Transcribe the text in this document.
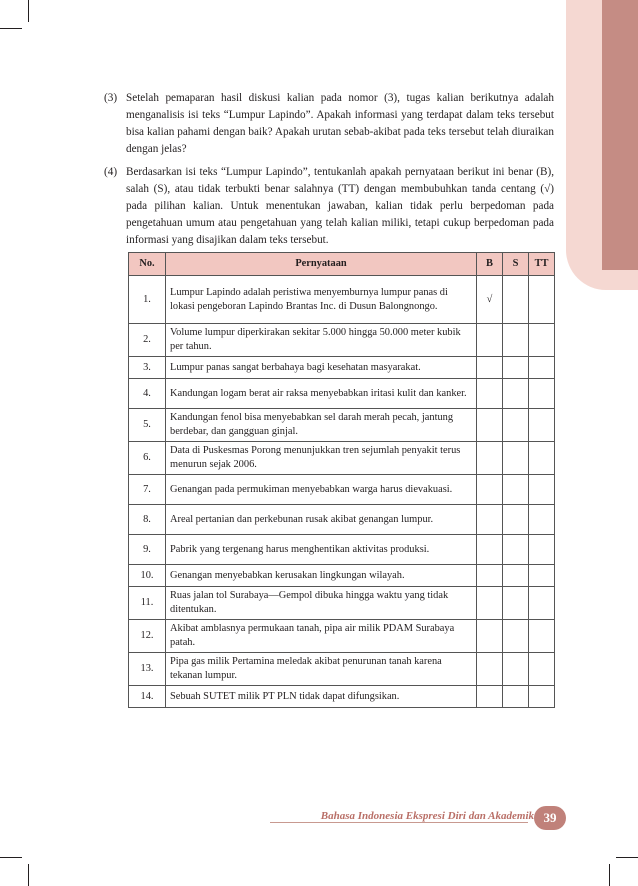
(3) Setelah pemaparan hasil diskusi kalian pada nomor (3), tugas kalian berikutnya adalah menganalisis isi teks “Lumpur Lapindo”. Apakah informasi yang terdapat dalam teks tersebut bisa kalian pahami dengan baik? Apakah urutan sebab-akibat pada teks tersebut telah diuraikan dengan jelas?
(4) Berdasarkan isi teks “Lumpur Lapindo”, tentukanlah apakah pernyataan berikut ini benar (B), salah (S), atau tidak terbukti benar salahnya (TT) dengan membubuhkan tanda centang (√) pada pilihan kalian. Untuk menentukan jawaban, kalian tidak perlu berpedoman pada pengetahuan umum atau pengetahuan yang telah kalian miliki, tetapi cukup berpedoman pada informasi yang disajikan dalam teks tersebut.
No.	Pernyataan	B	S	TT
1.	Lumpur Lapindo adalah peristiwa menyemburnya lumpur panas di lokasi pengeboran Lapindo Brantas Inc. di Dusun Balongnongo.	√		
2.	Volume lumpur diperkirakan sekitar 5.000 hingga 50.000 meter kubik per tahun.			
3.	Lumpur panas sangat berbahaya bagi kesehatan masyarakat.			
4.	Kandungan logam berat air raksa menyebabkan iritasi kulit dan kanker.			
5.	Kandungan fenol bisa menyebabkan sel darah merah pecah, jantung berdebar, dan gangguan ginjal.			
6.	Data di Puskesmas Porong menunjukkan tren sejumlah penyakit terus menurun sejak 2006.			
7.	Genangan pada permukiman menyebabkan warga harus dievakuasi.			
8.	Areal pertanian dan perkebunan rusak akibat genangan lumpur.			
9.	Pabrik yang tergenang harus menghentikan aktivitas produksi.			
10.	Genangan menyebabkan kerusakan lingkungan wilayah.			
11.	Ruas jalan tol Surabaya—Gempol dibuka hingga waktu yang tidak ditentukan.			
12.	Akibat amblasnya permukaan tanah, pipa air milik PDAM Surabaya patah.			
13.	Pipa gas milik Pertamina meledak akibat penurunan tanah karena tekanan lumpur.			
14.	Sebuah SUTET milik PT PLN tidak dapat difungsikan.			
Bahasa Indonesia Ekspresi Diri dan Akademik 39
